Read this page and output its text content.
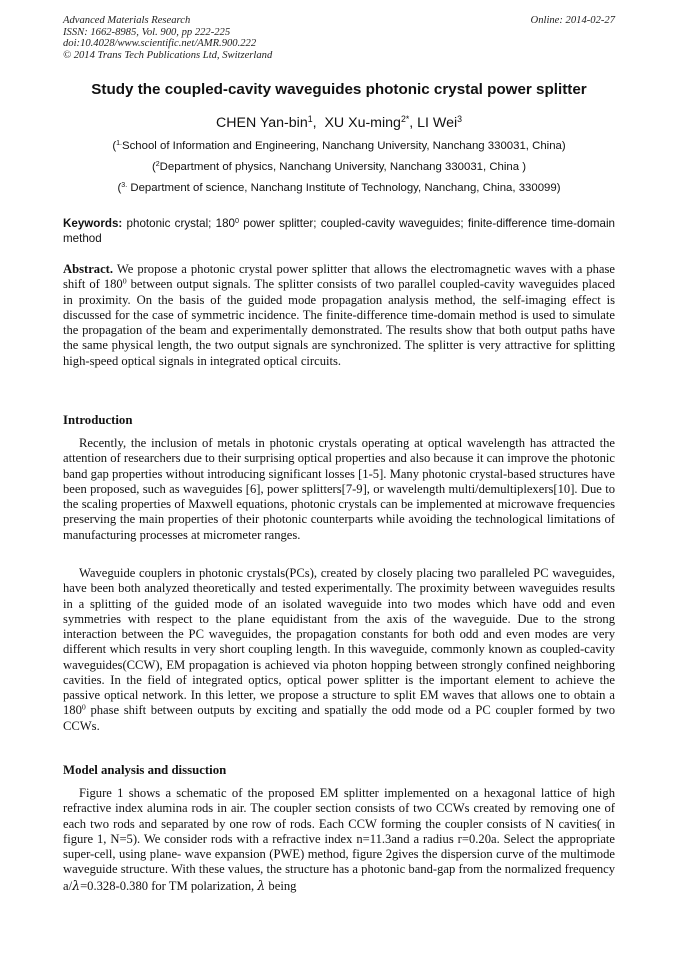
Advanced Materials Research
ISSN: 1662-8985, Vol. 900, pp 222-225
doi:10.4028/www.scientific.net/AMR.900.222
© 2014 Trans Tech Publications Ltd, Switzerland
Online: 2014-02-27
Study the coupled-cavity waveguides photonic crystal power splitter
CHEN Yan-bin$^1$,  XU Xu-ming$^{2*}$, LI Wei$^3$
($^{1.}$School of Information and Engineering, Nanchang University, Nanchang 330031, China)
($^2$Department of physics, Nanchang University, Nanchang 330031, China )
($^{3.}$ Department of science, Nanchang Institute of Technology, Nanchang, China, 330099)
Keywords: photonic crystal; $180^0$ power splitter; coupled-cavity waveguides; finite-difference time-domain method
Abstract. We propose a photonic crystal power splitter that allows the electromagnetic waves with a phase shift of $180^0$ between output signals. The splitter consists of two parallel coupled-cavity waveguides placed in proximity. On the basis of the guided mode propagation analysis method, the self-imaging effect is discussed for the case of symmetric incidence. The finite-difference time-domain method is used to simulate the propagation of the beam and experimentally demonstrated. The results show that both output paths have the same physical length, the two output signals are synchronized. The splitter is very attractive for splitting high-speed optical signals in integrated optical circuits.
Introduction
Recently, the inclusion of metals in photonic crystals operating at optical wavelength has attracted the attention of researchers due to their surprising optical properties and also because it can improve the photonic band gap properties without introducing significant losses [1-5]. Many photonic crystal-based structures have been proposed, such as waveguides [6], power splitters[7-9], or wavelength multi/demultiplexers[10]. Due to the scaling properties of Maxwell equations, photonic crystals can be implemented at microwave frequencies preserving the main properties of their photonic counterparts while avoiding the technological limitations of manufacturing processes at micrometer ranges.
Waveguide couplers in photonic crystals(PCs), created by closely placing two paralleled PC waveguides, have been both analyzed theoretically and tested experimentally. The proximity between waveguides results in a splitting of the guided mode of an isolated waveguide into two modes which have odd and even symmetries with respect to the plane equidistant from the axis of the waveguide. Due to the strong interaction between the PC waveguides, the propagation constants for both odd and even modes are very different which results in very short coupling length. In this waveguide, commonly known as coupled-cavity waveguides(CCW), EM propagation is achieved via photon hopping between strongly confined neighboring cavities. In the field of integrated optics, optical power splitter is the important element to achieve the passive optical network. In this letter, we propose a structure to split EM waves that allows one to obtain a $180^0$ phase shift between outputs by exciting and spatially the odd mode od a PC coupler formed by two CCWs.
Model analysis and dissuction
Figure 1 shows a schematic of the proposed EM splitter implemented on a hexagonal lattice of high refractive index alumina rods in air. The coupler section consists of two CCWs created by removing one of each two rods and separated by one row of rods. Each CCW forming the coupler consists of N cavities( in figure 1, N=5). We consider rods with a refractive index n=11.3and a radius r=0.20a. Select the appropriate super-cell, using plane- wave expansion (PWE) method, figure 2gives the dispersion curve of the multimode waveguide structure. With these values, the structure has a photonic band-gap from the normalized frequency a/λ=0.328-0.380 for TM polarization, λ being
